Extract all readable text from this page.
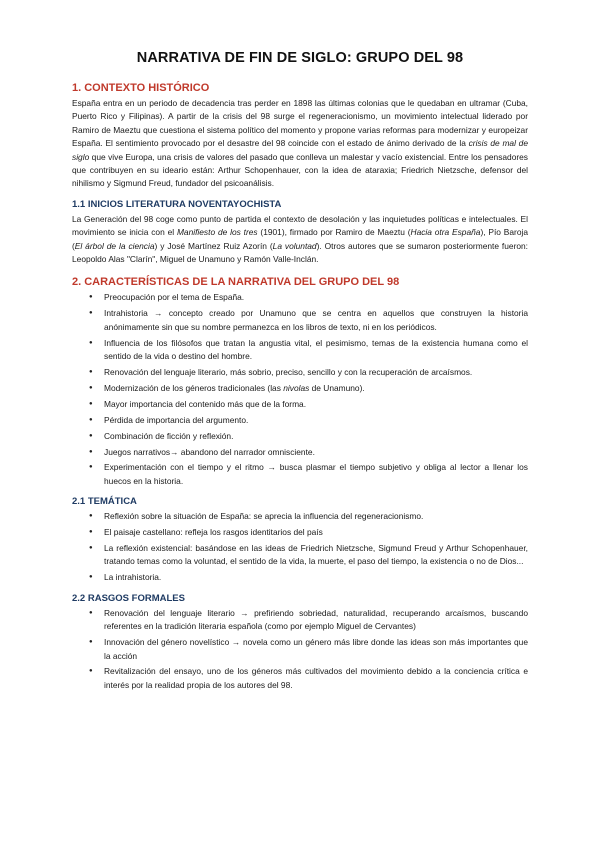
NARRATIVA DE FIN DE SIGLO: GRUPO DEL 98
1. CONTEXTO HISTÓRICO

España entra en un periodo de decadencia tras perder en 1898 las últimas colonias que le quedaban en ultramar (Cuba, Puerto Rico y Filipinas). A partir de la crisis del 98 surge el regeneracionismo, un movimiento intelectual liderado por Ramiro de Maeztu que cuestiona el sistema político del momento y propone varias reformas para modernizar y europeizar España. El sentimiento provocado por el desastre del 98 coincide con el estado de ánimo derivado de la crisis de mal de siglo que vive Europa, una crisis de valores del pasado que conlleva un malestar y vacío existencial. Entre los pensadores que contribuyen en su ideario están: Arthur Schopenhauer, con la idea de ataraxia; Friedrich Nietzsche, defensor del nihilismo y Sigmund Freud, fundador del psicoanálisis.

1.1 INICIOS LITERATURA NOVENTAYOCHISTA

La Generación del 98 coge como punto de partida el contexto de desolación y las inquietudes políticas e intelectuales. El movimiento se inicia con el Manifiesto de los tres (1901), firmado por Ramiro de Maeztu (Hacia otra España), Pío Baroja (El árbol de la ciencia) y José Martínez Ruiz Azorín (La voluntad). Otros autores que se sumaron posteriormente fueron: Leopoldo Alas "Clarín", Miguel de Unamuno y Ramón Valle-Inclán.

2. CARACTERÍSTICAS DE LA NARRATIVA DEL GRUPO DEL 98
● Preocupación por el tema de España.
● Intrahistoria → concepto creado por Unamuno que se centra en aquellos que construyen la historia anónimamente sin que su nombre permanezca en los libros de texto, ni en los periódicos.
● Influencia de los filósofos que tratan la angustia vital, el pesimismo, temas de la existencia humana como el sentido de la vida o destino del hombre.
● Renovación del lenguaje literario, más sobrio, preciso, sencillo y con la recuperación de arcaísmos.
● Modernización de los géneros tradicionales (las nivolas de Unamuno).
● Mayor importancia del contenido más que de la forma.
● Pérdida de importancia del argumento.
● Combinación de ficción y reflexión.
● Juegos narrativos→ abandono del narrador omnisciente.
● Experimentación con el tiempo y el ritmo → busca plasmar el tiempo subjetivo y obliga al lector a llenar los huecos en la historia.
2.1 TEMÁTICA
● Reflexión sobre la situación de España: se aprecia la influencia del regeneracionismo.
● El paisaje castellano: refleja los rasgos identitarios del país
● La reflexión existencial: basándose en las ideas de Friedrich Nietzsche, Sigmund Freud y Arthur Schopenhauer, tratando temas como la voluntad, el sentido de la vida, la muerte, el paso del tiempo, la existencia o no de Dios...
● La intrahistoria.
2.2 RASGOS FORMALES
● Renovación del lenguaje literario → prefiriendo sobriedad, naturalidad, recuperando arcaísmos, buscando referentes en la tradición literaria española (como por ejemplo Miguel de Cervantes)
● Innovación del género novelístico → novela como un género más libre donde las ideas son más importantes que la acción
● Revitalización del ensayo, uno de los géneros más cultivados del movimiento debido a la conciencia crítica e interés por la realidad propia de los autores del 98.
